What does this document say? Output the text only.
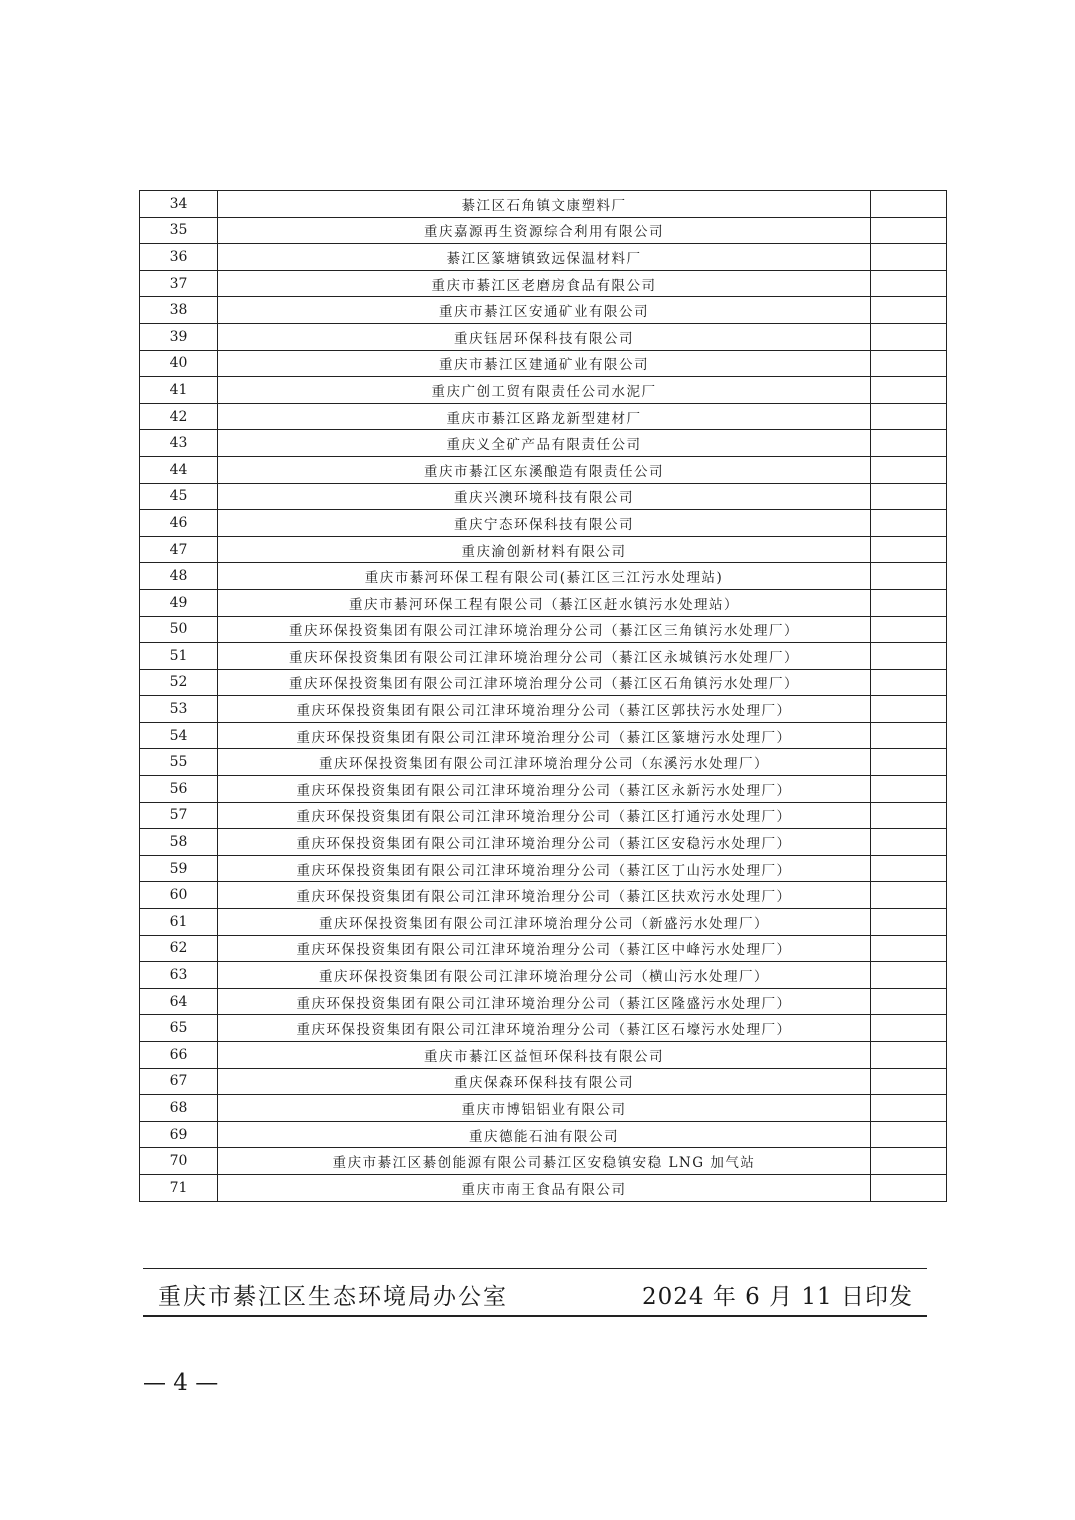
34	綦江区石角镇文康塑料厂	
35	重庆嘉源再生资源综合利用有限公司	
36	綦江区篆塘镇致远保温材料厂	
37	重庆市綦江区老磨房食品有限公司	
38	重庆市綦江区安通矿业有限公司	
39	重庆钰居环保科技有限公司	
40	重庆市綦江区建通矿业有限公司	
41	重庆广创工贸有限责任公司水泥厂	
42	重庆市綦江区路龙新型建材厂	
43	重庆义全矿产品有限责任公司	
44	重庆市綦江区东溪酿造有限责任公司	
45	重庆兴澳环境科技有限公司	
46	重庆宁态环保科技有限公司	
47	重庆渝创新材料有限公司	
48	重庆市綦河环保工程有限公司(綦江区三江污水处理站)	
49	重庆市綦河环保工程有限公司（綦江区赶水镇污水处理站）	
50	重庆环保投资集团有限公司江津环境治理分公司（綦江区三角镇污水处理厂）	
51	重庆环保投资集团有限公司江津环境治理分公司（綦江区永城镇污水处理厂）	
52	重庆环保投资集团有限公司江津环境治理分公司（綦江区石角镇污水处理厂）	
53	重庆环保投资集团有限公司江津环境治理分公司（綦江区郭扶污水处理厂）	
54	重庆环保投资集团有限公司江津环境治理分公司（綦江区篆塘污水处理厂）	
55	重庆环保投资集团有限公司江津环境治理分公司（东溪污水处理厂）	
56	重庆环保投资集团有限公司江津环境治理分公司（綦江区永新污水处理厂）	
57	重庆环保投资集团有限公司江津环境治理分公司（綦江区打通污水处理厂）	
58	重庆环保投资集团有限公司江津环境治理分公司（綦江区安稳污水处理厂）	
59	重庆环保投资集团有限公司江津环境治理分公司（綦江区丁山污水处理厂）	
60	重庆环保投资集团有限公司江津环境治理分公司（綦江区扶欢污水处理厂）	
61	重庆环保投资集团有限公司江津环境治理分公司（新盛污水处理厂）	
62	重庆环保投资集团有限公司江津环境治理分公司（綦江区中峰污水处理厂）	
63	重庆环保投资集团有限公司江津环境治理分公司（横山污水处理厂）	
64	重庆环保投资集团有限公司江津环境治理分公司（綦江区隆盛污水处理厂）	
65	重庆环保投资集团有限公司江津环境治理分公司（綦江区石壕污水处理厂）	
66	重庆市綦江区益恒环保科技有限公司	
67	重庆保森环保科技有限公司	
68	重庆市博铝铝业有限公司	
69	重庆德能石油有限公司	
70	重庆市綦江区綦创能源有限公司綦江区安稳镇安稳 LNG 加气站	
71	重庆市南王食品有限公司	
重庆市綦江区生态环境局办公室	2024 年 6 月 11 日印发
— 4 —
